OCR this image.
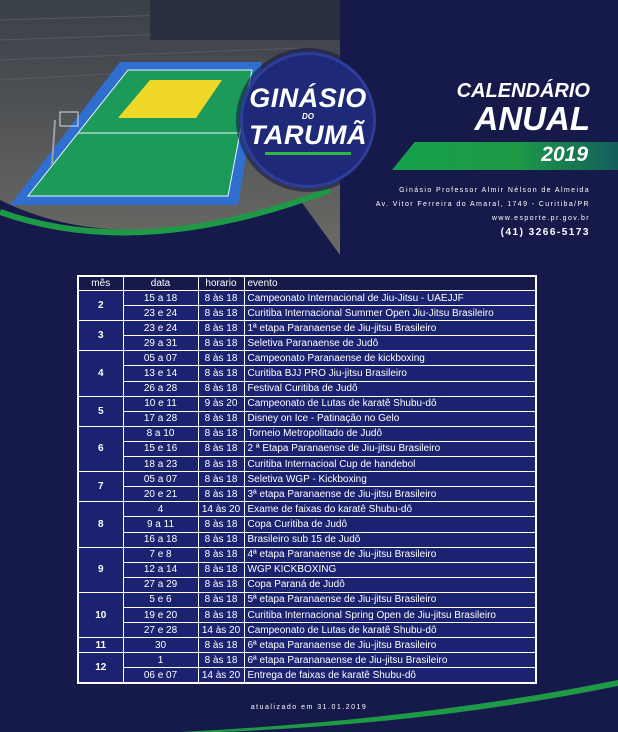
GINÁSIO
DO
TARUMÃ
CALENDÁRIO
ANUAL
2019
Ginásio Professor Almir Nélson de Almeida
Av. Vitor Ferreira do Amaral, 1749 - Curitiba/PR
www.esporte.pr.gov.br
(41) 3266-5173
mês	data	horario	evento
2	15 a 18	8 às 18	Campeonato Internacional de Jiu-Jitsu - UAEJJF
	23 e 24	8 às 18	Curitiba Internacional Summer Open Jiu-Jitsu Brasileiro
3	23 e 24	8 às 18	1ª etapa Paranaense de Jiu-jitsu Brasileiro
	29 a 31	8 às 18	Seletiva Paranaense de Judô
4	05 a 07	8 às 18	Campeonato Paranaense de kickboxing
	13 e 14	8 às 18	Curitiba BJJ PRO Jiu-jitsu Brasileiro
	26 a 28	8 às 18	Festival Curitiba de Judô
5	10 e 11	9 às 20	Campeonato de Lutas de karatê Shubu-dô
	17 a 28	8 às 18	Disney on Ice - Patinação no Gelo
6	8 a 10	8 às 18	Torneio Metropolitado de Judô
	15 e 16	8 às 18	2 ª Etapa Paranaense de Jiu-jitsu Brasileiro
	18 a 23	8 às 18	Curitiba Internacioal Cup de handebol
7	05 a 07	8 às 18	Seletiva WGP - Kickboxing
	20 e 21	8 às 18	3ª etapa Paranaense de Jiu-jitsu Brasileiro
8	4	14 às 20	Exame de faixas do karatê Shubu-dô
	9 a 11	8 às 18	Copa Curitiba de Judô
	16 a 18	8 às 18	Brasileiro sub 15 de Judô
9	7 e 8	8 às 18	4ª etapa Paranaense de Jiu-jitsu Brasileiro
	12 a 14	8 às 18	WGP KICKBOXING
	27 a 29	8 às 18	Copa Paraná de Judô
10	5 e 6	8 às 18	5ª etapa Paranaense de Jiu-jitsu Brasileiro
	19 e 20	8 às 18	Curitiba Internacional Spring Open de Jiu-jitsu Brasileiro
	27 e 28	14 às 20	Campeonato de Lutas de karatê Shubu-dô
11	30	8 às 18	6ª etapa Paranaense de Jiu-jitsu Brasileiro
12	1	8 às 18	6ª etapa Parananaense de Jiu-jitsu Brasileiro
	06 e 07	14 às 20	Entrega de faixas de karatê Shubu-dô
atualizado em 31.01.2019
